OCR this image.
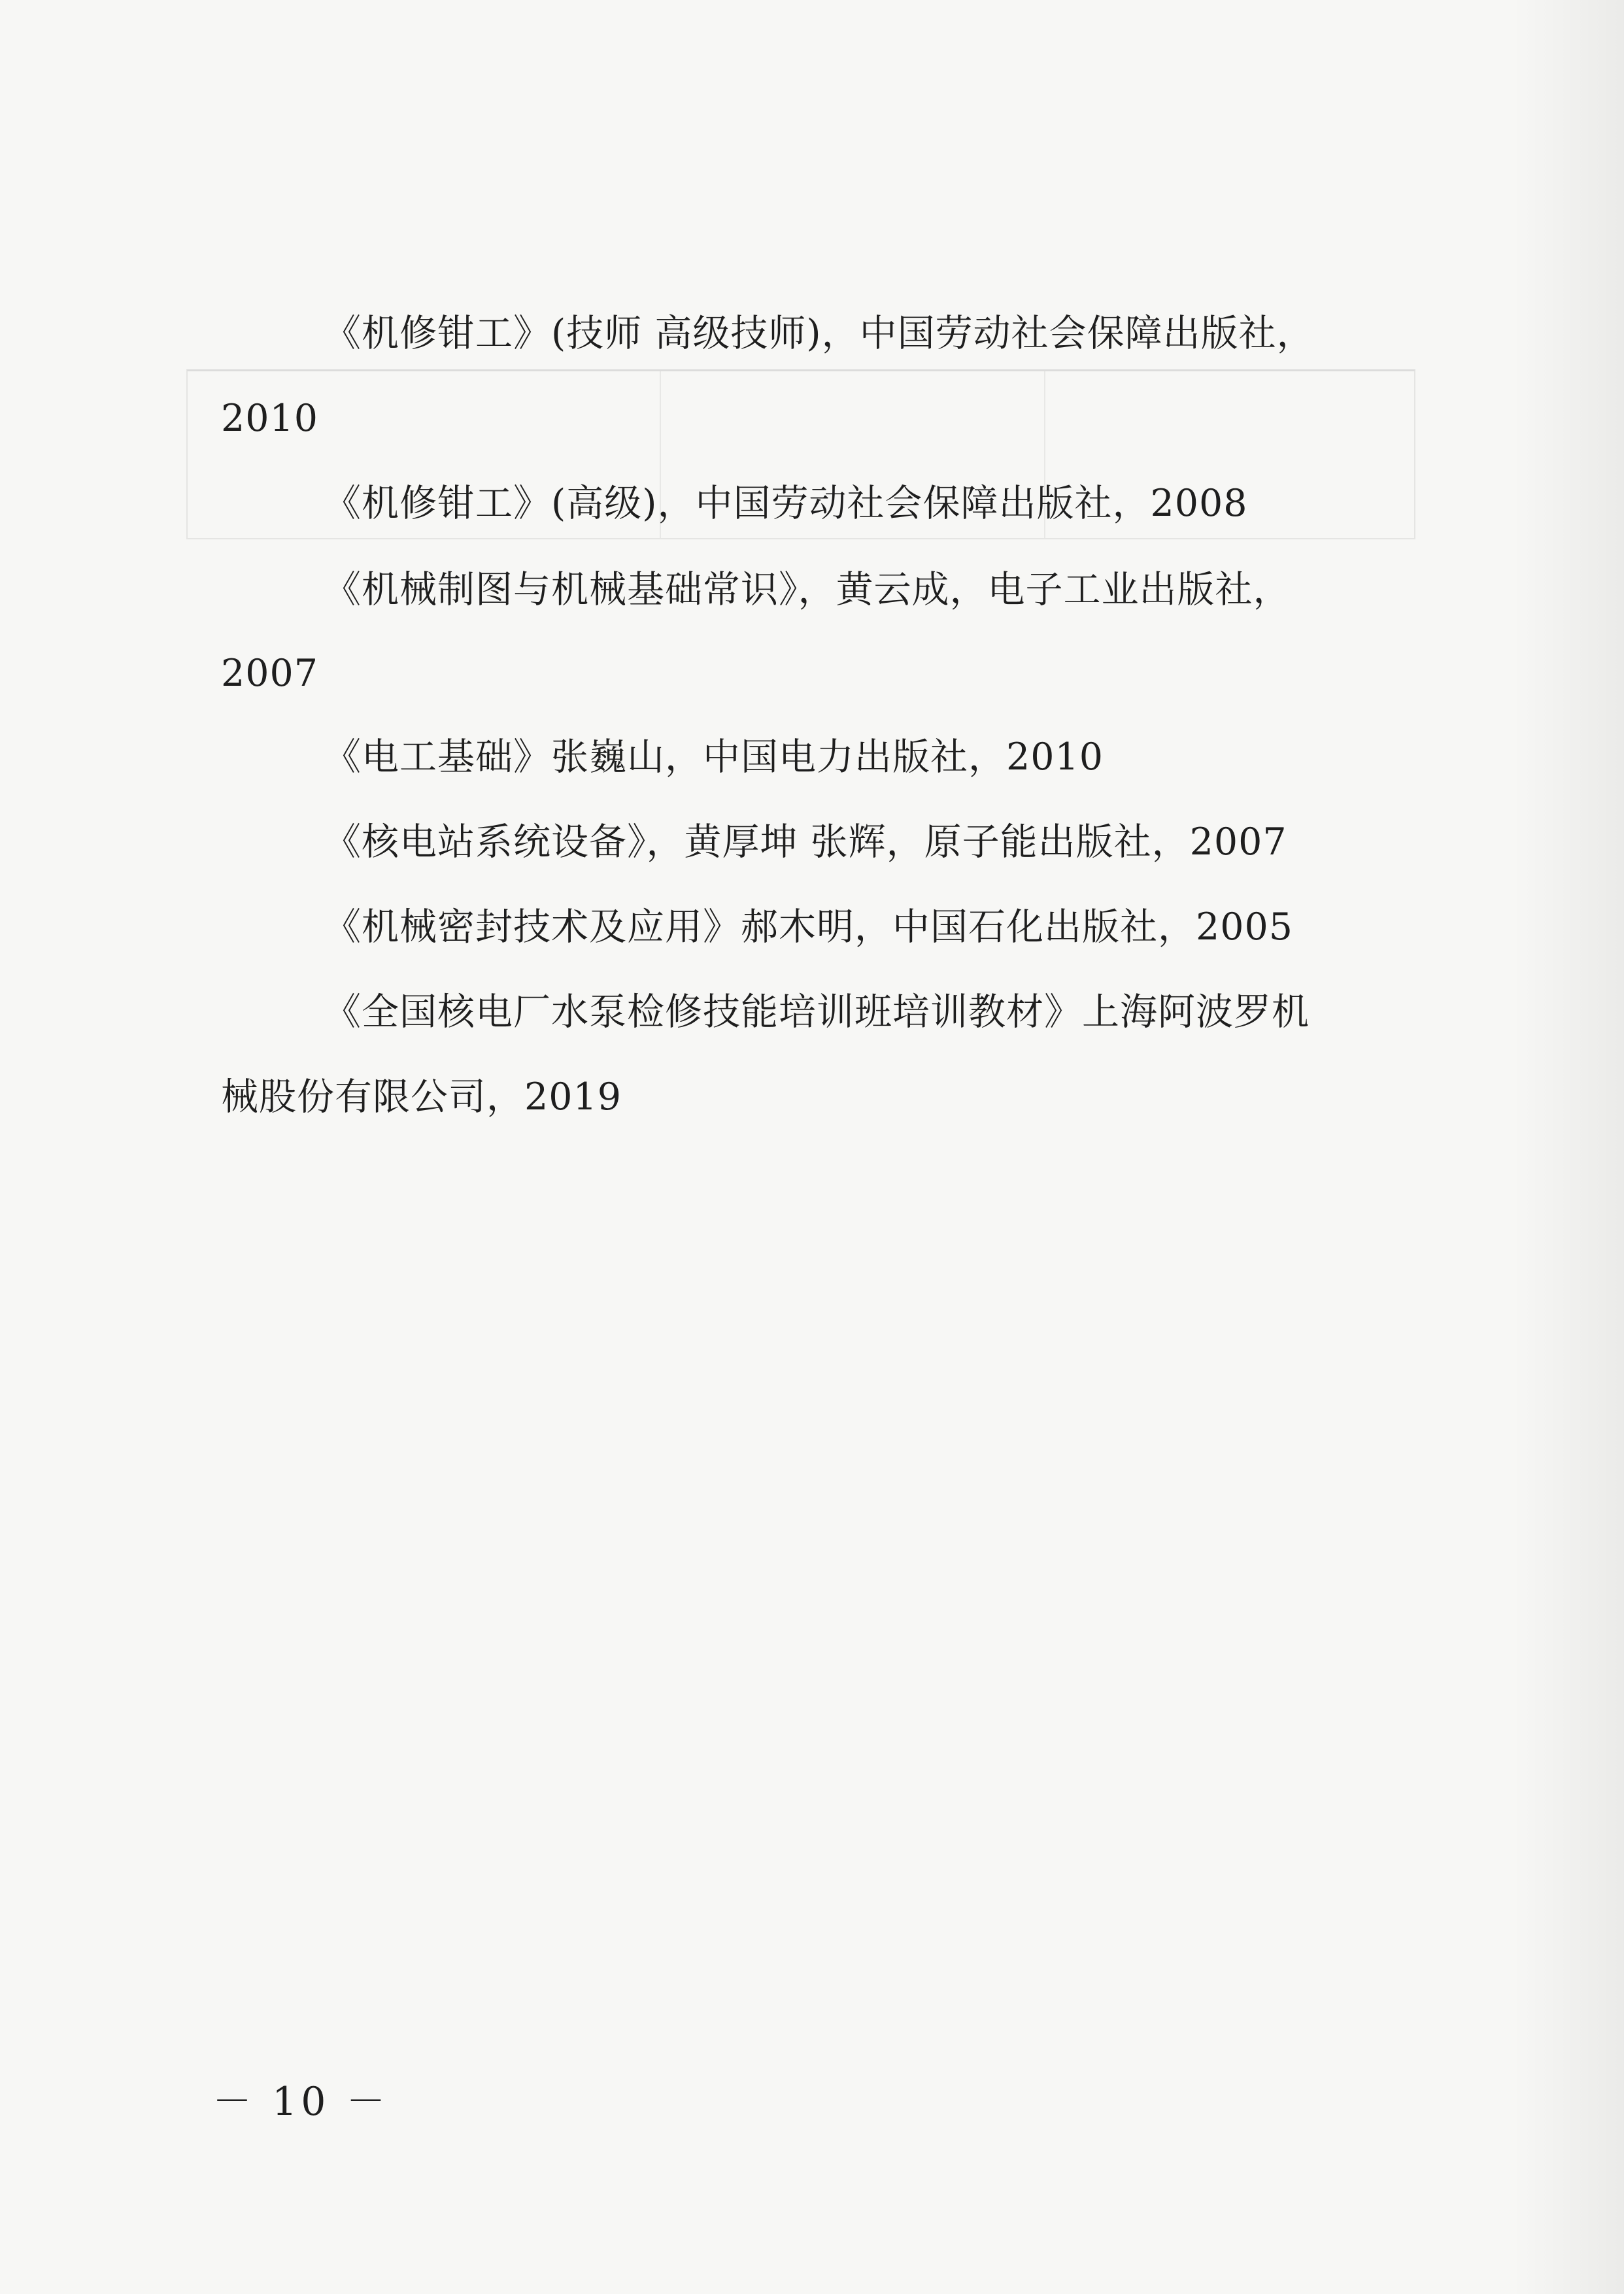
《机修钳工》(技师 高级技师)，中国劳动社会保障出版社，
2010
《机修钳工》(高级)，中国劳动社会保障出版社，2008
《机械制图与机械基础常识》，黄云成，电子工业出版社，
2007
《电工基础》张巍山，中国电力出版社，2010
《核电站系统设备》，黄厚坤 张辉，原子能出版社，2007
《机械密封技术及应用》郝木明，中国石化出版社，2005
《全国核电厂水泵检修技能培训班培训教材》上海阿波罗机
械股份有限公司，2019
－ 10 －
